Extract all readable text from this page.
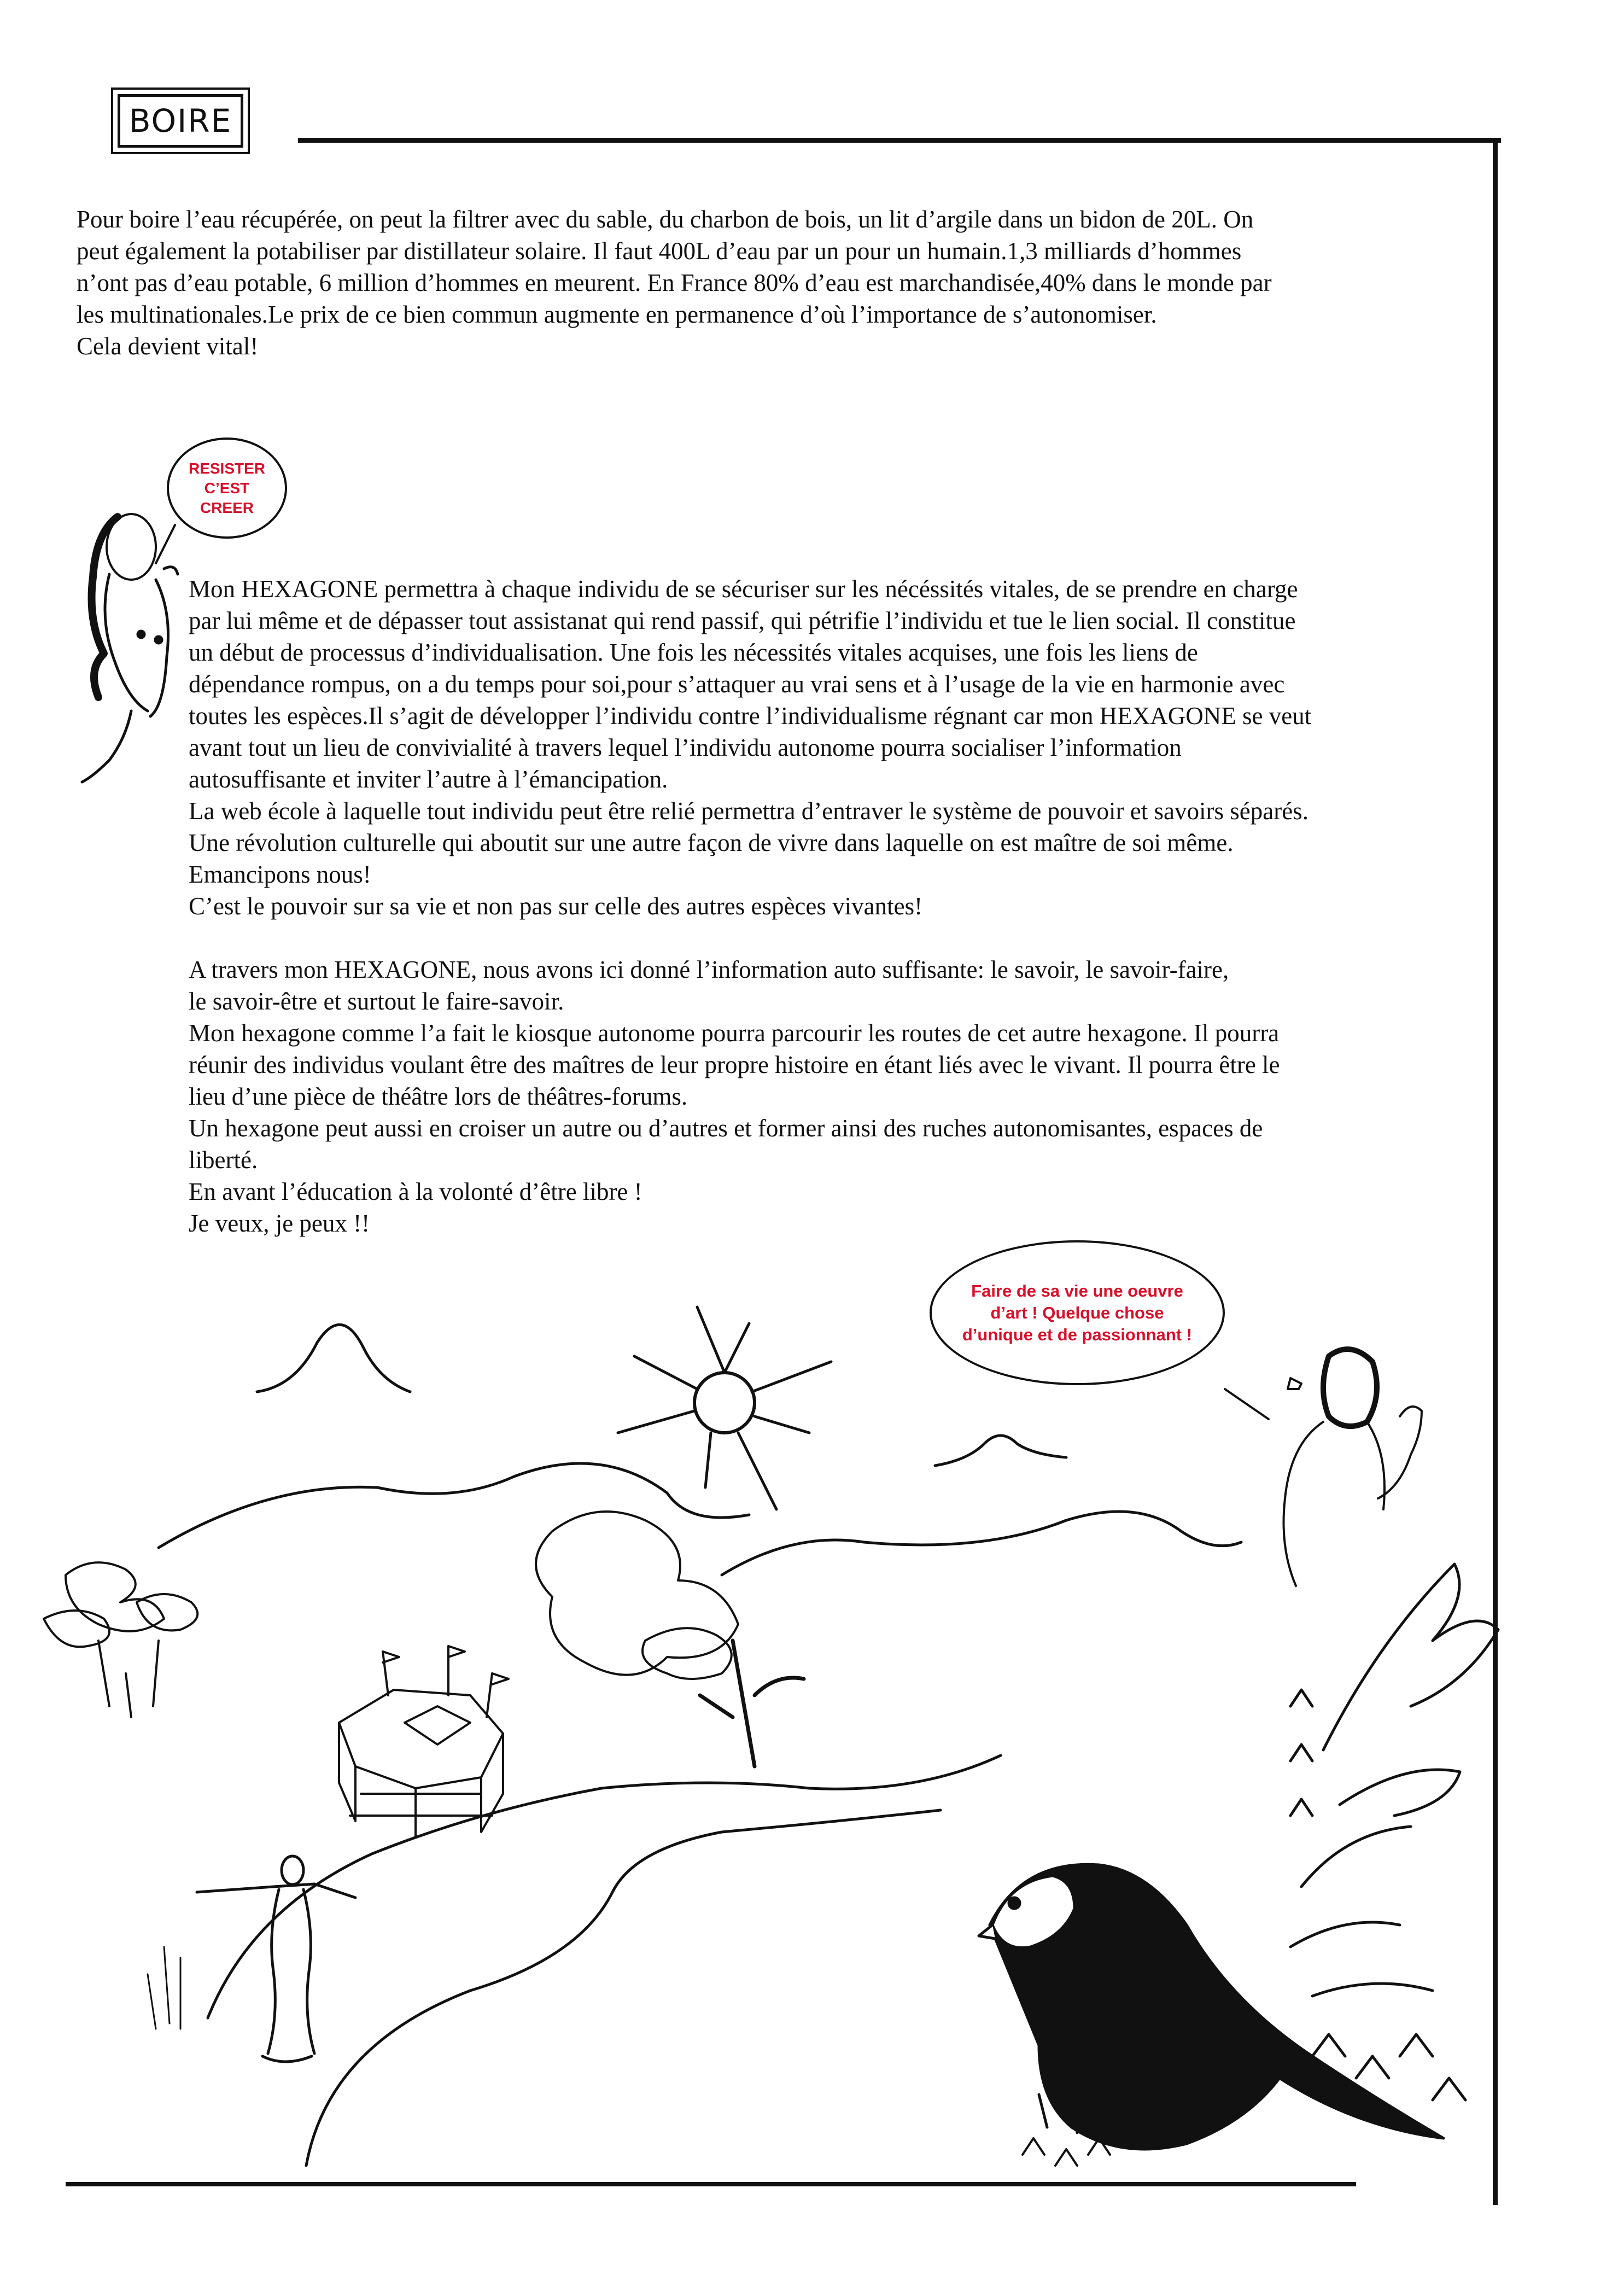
BOIRE

Pour boire l’eau récupérée, on peut la filtrer avec du sable, du charbon de bois, un lit d’argile dans un bidon de 20L. On
peut également la potabiliser par distillateur solaire. Il faut 400L d’eau par un pour un humain.1,3 milliards d’hommes
n’ont pas d’eau potable, 6 million d’hommes en meurent. En France 80% d’eau est marchandisée,40% dans le monde par
les multinationales.Le prix de ce bien commun augmente en permanence d’où l’importance de s’autonomiser.
Cela devient vital!

Mon HEXAGONE permettra à chaque individu de se sécuriser sur les nécéssités vitales, de se prendre en charge
par lui même et de dépasser tout assistanat qui rend passif, qui pétrifie l’individu et tue le lien social. Il constitue
un début de processus d’individualisation. Une fois les nécessités vitales acquises, une fois les liens de
dépendance rompus, on a du temps pour soi,pour s’attaquer au vrai sens et à l’usage de la vie en harmonie avec
toutes les espèces.Il s’agit de développer l’individu contre l’individualisme régnant car mon HEXAGONE se veut
avant tout un lieu de convivialité à travers lequel l’individu autonome pourra socialiser l’information
autosuffisante et inviter l’autre à l’émancipation.
La web école à laquelle tout individu peut être relié permettra d’entraver le système de pouvoir et savoirs séparés.
Une révolution culturelle qui aboutit sur une autre façon de vivre dans laquelle on est maître de soi même.
Emancipons nous!
C’est le pouvoir sur sa vie et non pas sur celle des autres espèces vivantes!

A travers mon HEXAGONE, nous avons ici donné l’information auto suffisante: le savoir, le savoir-faire,
le savoir-être et surtout le faire-savoir.
Mon hexagone comme l’a fait le kiosque autonome pourra parcourir les routes de cet autre hexagone. Il pourra
réunir des individus voulant être des maîtres de leur propre histoire en étant liés avec le vivant. Il pourra être le
lieu d’une pièce de théâtre lors de théâtres-forums.
Un hexagone peut aussi en croiser un autre ou d’autres et former ainsi des ruches autonomisantes, espaces de
liberté.
En avant l’éducation à la volonté d’être libre !
Je veux, je peux !!

RESISTER
C’EST
CREER
Faire de sa vie une oeuvre d’art ! Quelque chose d’unique et de passionnant !
